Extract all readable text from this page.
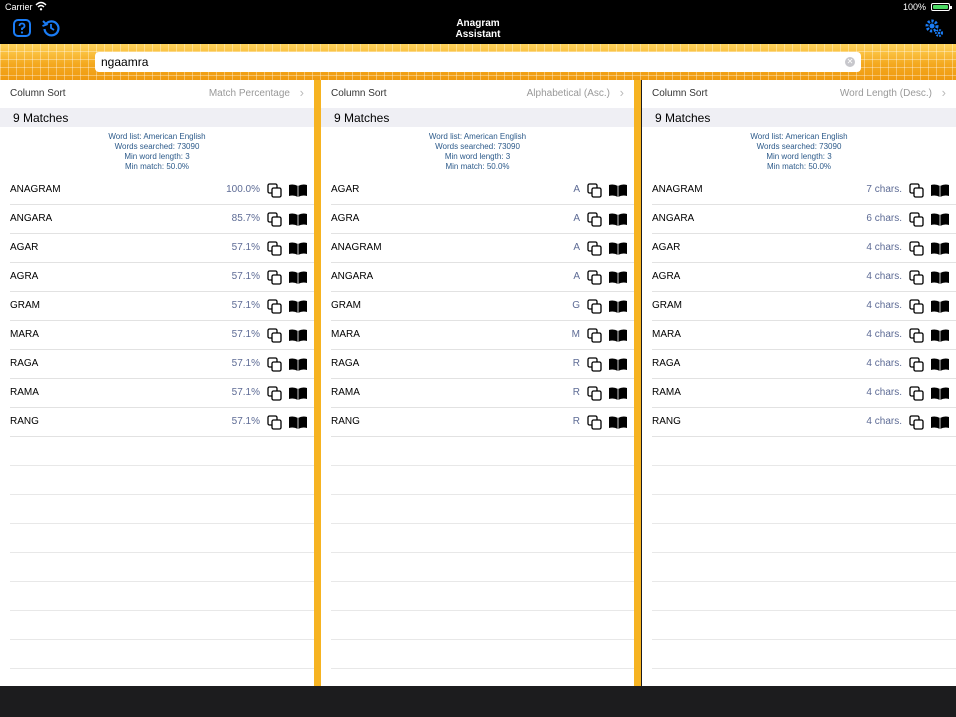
Carrier	100%
Anagram
Assistant
ngaamra
✕
Column Sort	Match Percentage ›
9 Matches
Word list: American English
Words searched: 73090
Min word length: 3
Min match: 50.0%
ANAGRAM	100.0%
ANGARA	85.7%
AGAR	57.1%
AGRA	57.1%
GRAM	57.1%
MARA	57.1%
RAGA	57.1%
RAMA	57.1%
RANG	57.1%
Column Sort	Alphabetical (Asc.) ›
9 Matches
Word list: American English
Words searched: 73090
Min word length: 3
Min match: 50.0%
AGAR	A
AGRA	A
ANAGRAM	A
ANGARA	A
GRAM	G
MARA	M
RAGA	R
RAMA	R
RANG	R
Column Sort	Word Length (Desc.) ›
9 Matches
Word list: American English
Words searched: 73090
Min word length: 3
Min match: 50.0%
ANAGRAM	7 chars.
ANGARA	6 chars.
AGAR	4 chars.
AGRA	4 chars.
GRAM	4 chars.
MARA	4 chars.
RAGA	4 chars.
RAMA	4 chars.
RANG	4 chars.
